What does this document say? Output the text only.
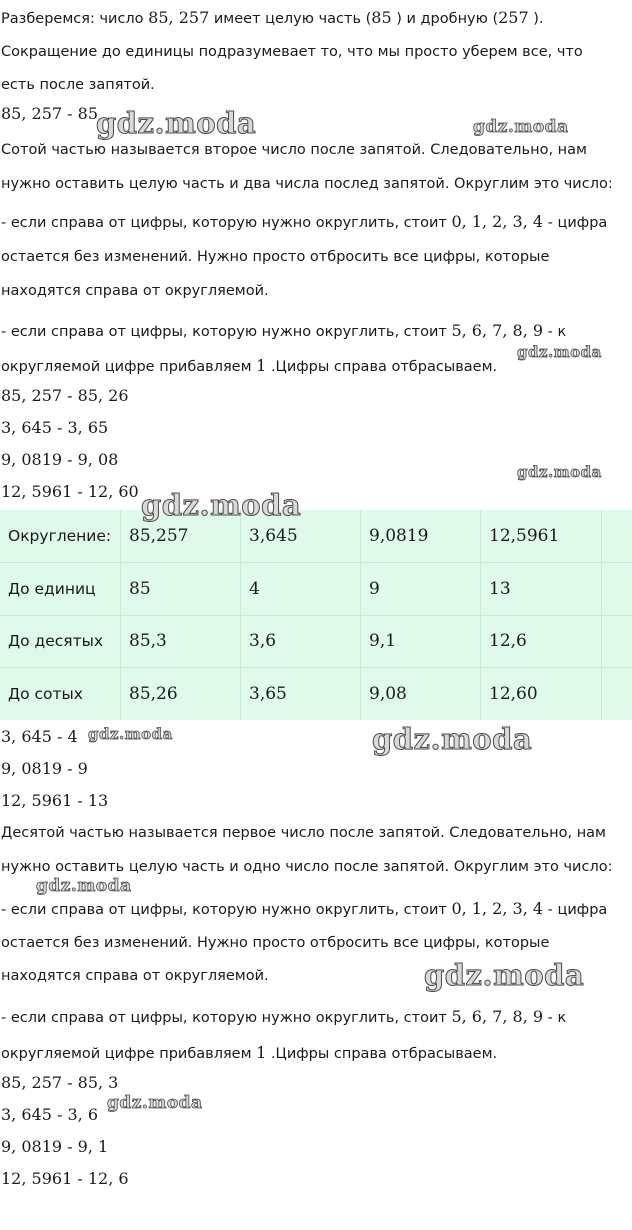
Разберемся: число 85, 257 имеет целую часть (85 ) и дробную (257 ).
Сокращение до единицы подразумевает то, что мы просто уберем все, что
есть после запятой.
85, 257 - 85
Сотой частью называется второе число после запятой. Следовательно, нам
нужно оставить целую часть и два числа послед запятой. Округлим это число:
- если справа от цифры, которую нужно округлить, стоит 0, 1, 2, 3, 4 - цифра
остается без изменений. Нужно просто отбросить все цифры, которые
находятся справа от округляемой.
- если справа от цифры, которую нужно округлить, стоит 5, 6, 7, 8, 9 - к
округляемой цифре прибавляем 1 .Цифры справа отбрасываем.
85, 257 - 85, 26
3, 645 - 3, 65
9, 0819 - 9, 08
12, 5961 - 12, 60
Округление: 85,257	3,645	9,0819	12,5961
До единиц 85	4	9	13
До десятых 85,3	3,6	9,1	12,6
До сотых	85,26	3,65	9,08	12,60
3, 645 - 4
9, 0819 - 9
12, 5961 - 13
Десятой частью называется первое число после запятой. Следовательно, нам
нужно оставить целую часть и одно число после запятой. Округлим это число:
- если справа от цифры, которую нужно округлить, стоит 0, 1, 2, 3, 4 - цифра
остается без изменений. Нужно просто отбросить все цифры, которые
находятся справа от округляемой.
- если справа от цифры, которую нужно округлить, стоит 5, 6, 7, 8, 9 - к
округляемой цифре прибавляем 1 .Цифры справа отбрасываем.
85, 257 - 85, 3
3, 645 - 3, 6
9, 0819 - 9, 1
12, 5961 - 12, 6
gdz.moda	gdz.moda
gdz.moda
gdz.moda
gdz.moda
gdz.moda	gdz.moda
gdz.moda
gdz.moda
gdz.moda
